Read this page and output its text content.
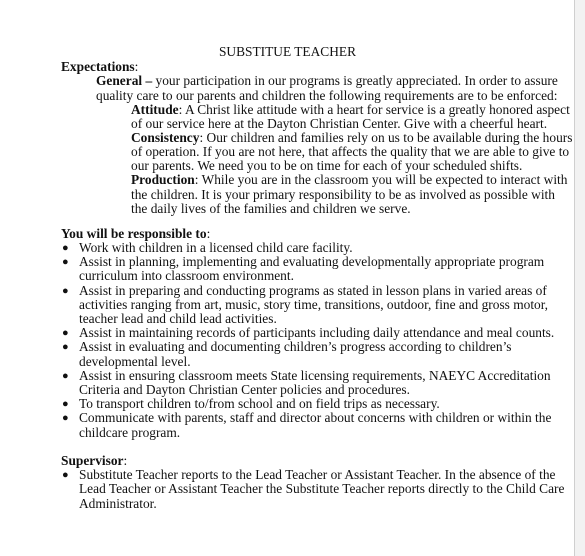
SUBSTITUE TEACHER
Expectations:
General – your participation in our programs is greatly appreciated. In order to assure
quality care to our parents and children the following requirements are to be enforced:
Attitude: A Christ like attitude with a heart for service is a greatly honored aspect
of our service here at the Dayton Christian Center. Give with a cheerful heart.
Consistency: Our children and families rely on us to be available during the hours
of operation. If you are not here, that affects the quality that we are able to give to
our parents. We need you to be on time for each of your scheduled shifts.
Production: While you are in the classroom you will be expected to interact with
the children. It is your primary responsibility to be as involved as possible with
the daily lives of the families and children we serve.
You will be responsible to:
● Work with children in a licensed child care facility.
● Assist in planning, implementing and evaluating developmentally appropriate program
curriculum into classroom environment.
● Assist in preparing and conducting programs as stated in lesson plans in varied areas of
activities ranging from art, music, story time, transitions, outdoor, fine and gross motor,
teacher lead and child lead activities.
● Assist in maintaining records of participants including daily attendance and meal counts.
● Assist in evaluating and documenting children’s progress according to children’s
developmental level.
● Assist in ensuring classroom meets State licensing requirements, NAEYC Accreditation
Criteria and Dayton Christian Center policies and procedures.
● To transport children to/from school and on field trips as necessary.
● Communicate with parents, staff and director about concerns with children or within the
childcare program.
Supervisor:
● Substitute Teacher reports to the Lead Teacher or Assistant Teacher. In the absence of the
Lead Teacher or Assistant Teacher the Substitute Teacher reports directly to the Child Care
Administrator.
